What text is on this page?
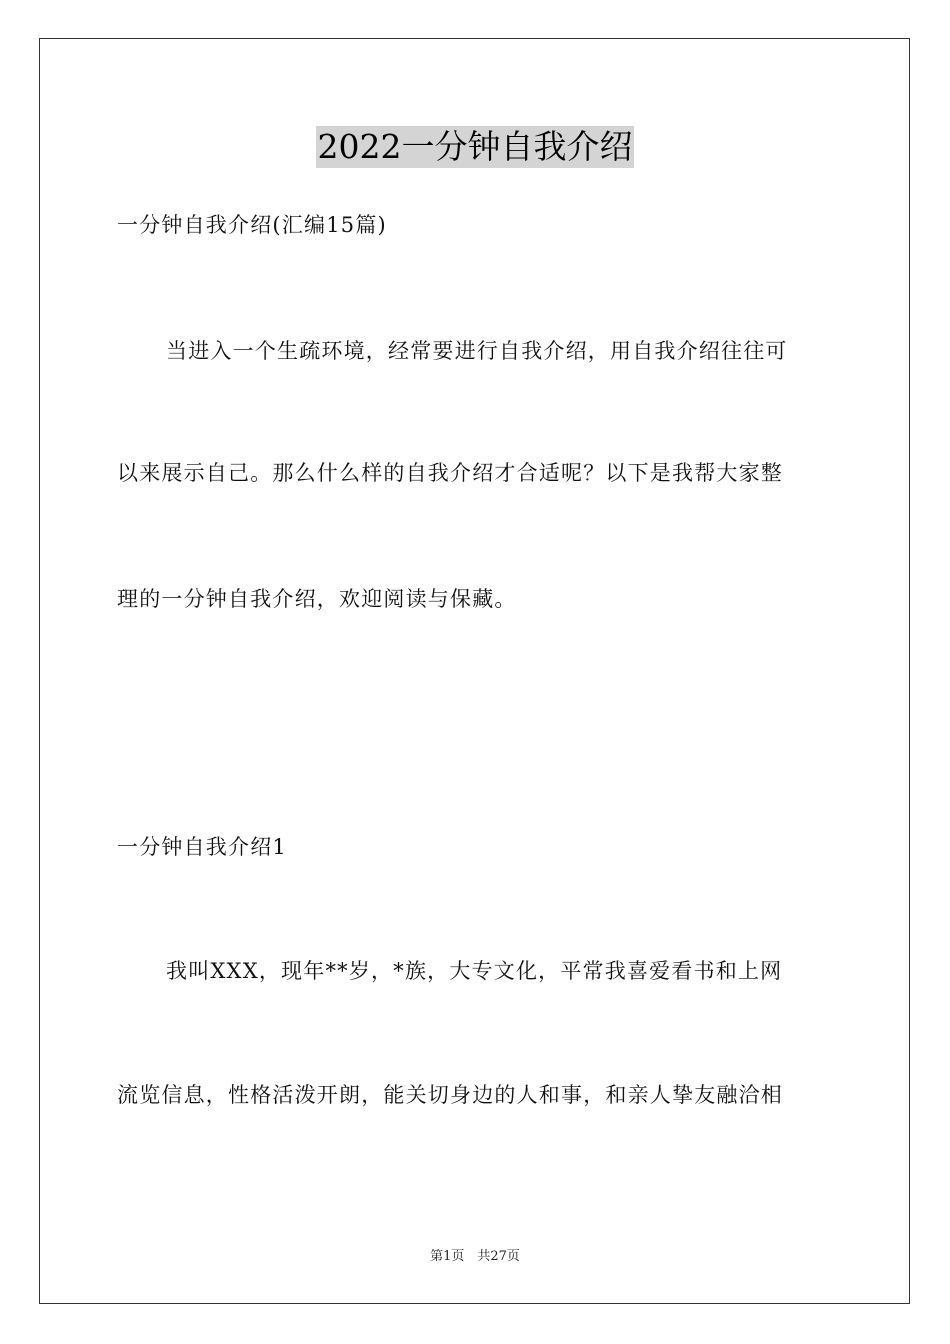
2022一分钟自我介绍

一分钟自我介绍(汇编15篇)

当进入一个生疏环境，经常要进行自我介绍，用自我介绍往往可

以来展示自己。那么什么样的自我介绍才合适呢？以下是我帮大家整

理的一分钟自我介绍，欢迎阅读与保藏。

一分钟自我介绍1

我叫XXX，现年**岁，*族，大专文化，平常我喜爱看书和上网

流览信息，性格活泼开朗，能关切身边的人和事，和亲人挚友融洽相

第1页　共27页
